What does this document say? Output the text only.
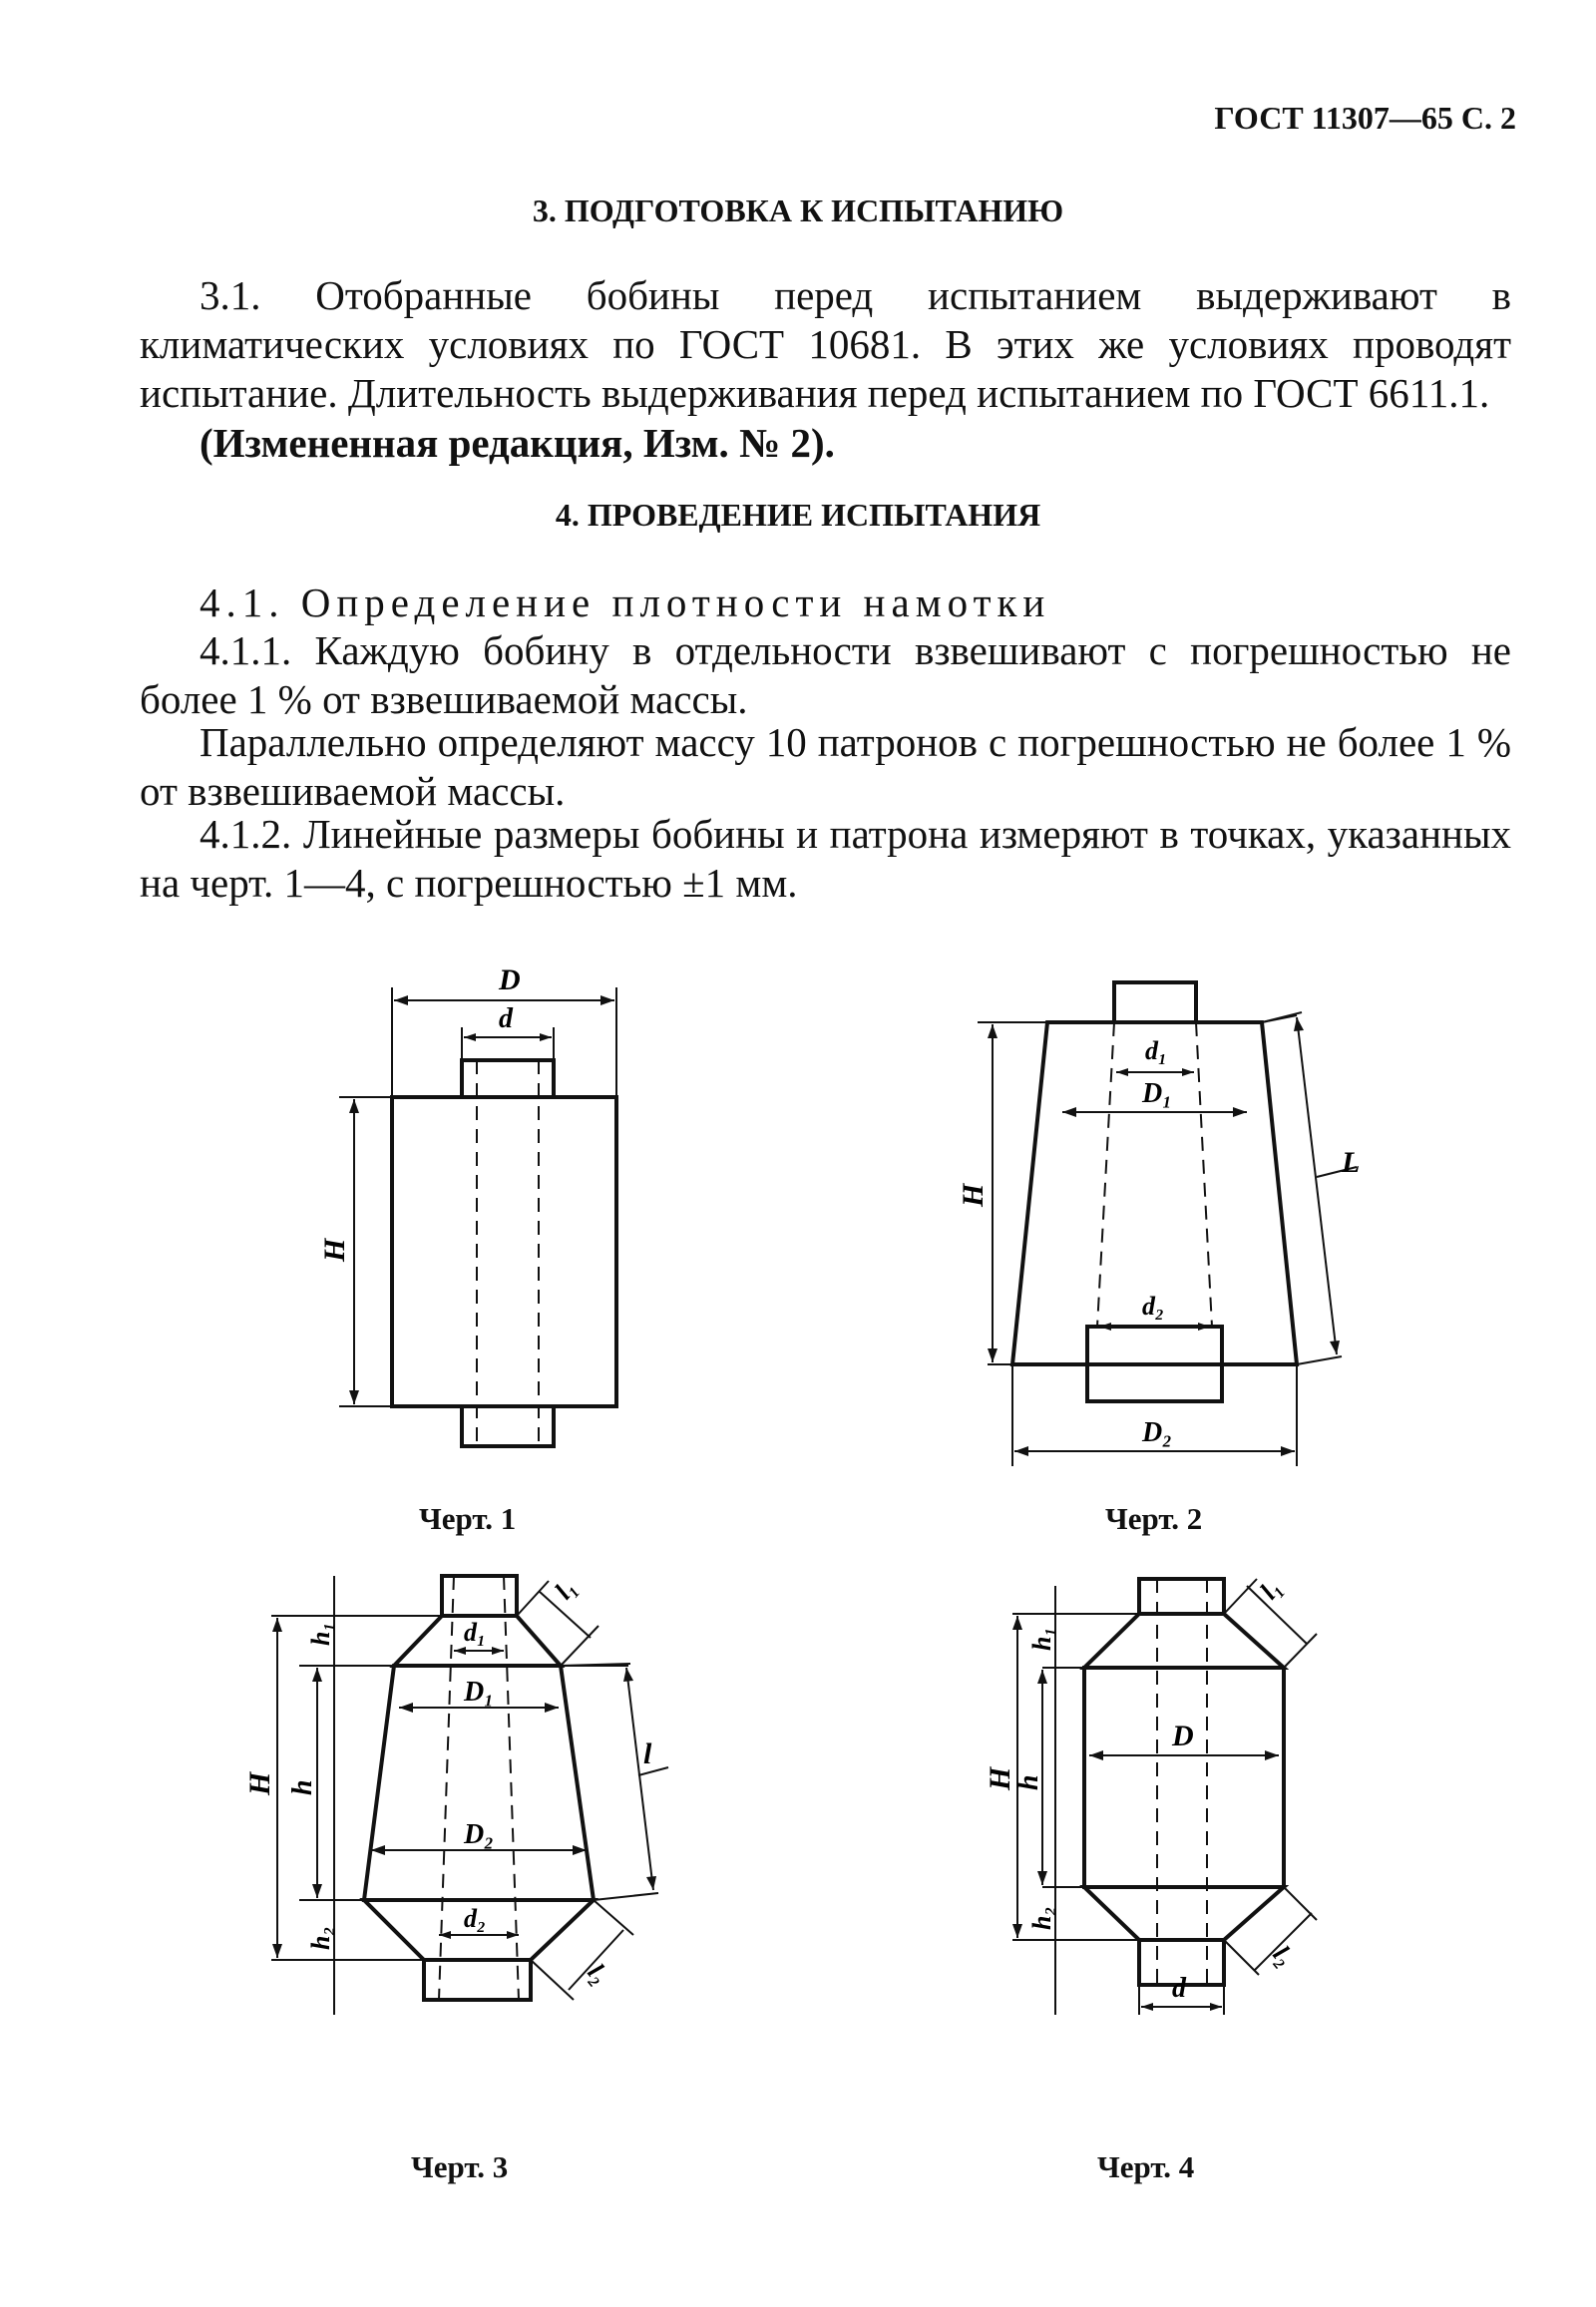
ГОСТ 11307—65 С. 2
3. ПОДГОТОВКА К ИСПЫТАНИЮ
3.1. Отобранные бобины перед испытанием выдерживают в климатических условиях по ГОСТ 10681. В этих же условиях проводят испытание. Длительность выдерживания перед испытанием по ГОСТ 6611.1.
(Измененная редакция, Изм. № 2).
4. ПРОВЕДЕНИЕ ИСПЫТАНИЯ
4.1. Определение плотности намотки
4.1.1. Каждую бобину в отдельности взвешивают с погрешностью не более 1 % от взвешиваемой массы.
Параллельно определяют массу 10 патронов с погрешностью не более 1 % от взвешиваемой массы.
4.1.2. Линейные размеры бобины и патрона измеряют в точках, указанных на черт. 1—4, с погрешностью ±1 мм.
D
d
H
Черт. 1
d₁
D₁
H
L
d₂
D₂
Черт. 2
h₁	d₁
l₁
D₁
H h
l
D₂
h₂
d₂
l₂
Черт. 3
h₁
l₁
H
h
D
h₂
l₂
d
Черт. 4
